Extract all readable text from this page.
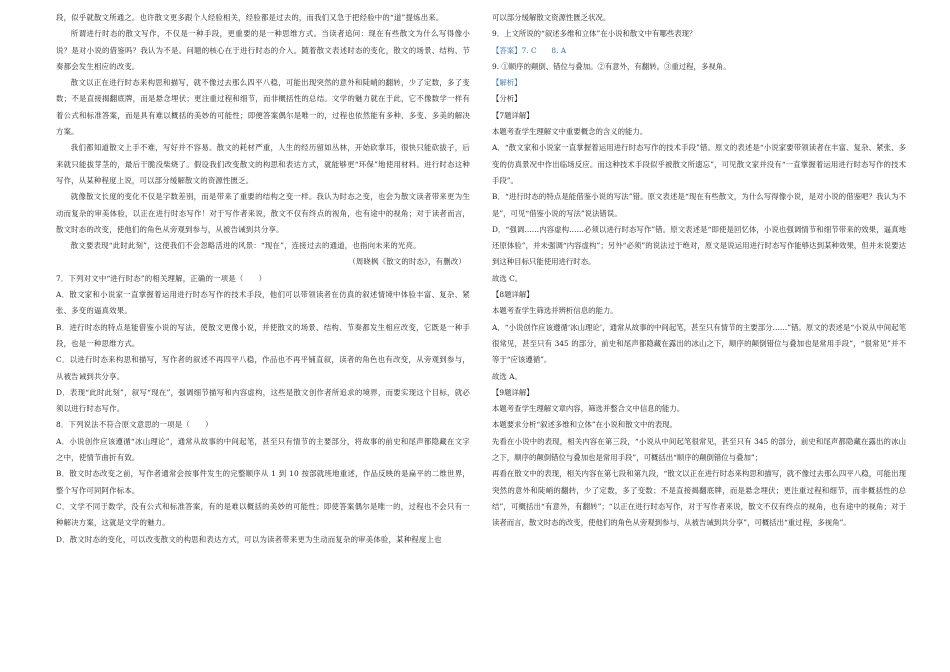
段，似乎就散文所通之。也许散文更多跟个人经验相关，经验都是过去的，而我们又急于把经验中的“道”提炼出来。

所谓进行时态的散文写作，不仅是一种手段，更重要的是一种思维方式。当读者追问：现在有些散文为什么写得像小说？是对小说的借鉴吗？我认为不是。问题的核心在于进行时态的介入。随着散文表述时态的变化，散文的场景、结构、节奏都会发生相应的改变。

散文以正在进行时态来构思和描写，就不像过去那么四平八稳，可能出现突然的意外和陡峭的翻转，少了定数，多了变数；不是直接揭翻底牌，而是悬念埋伏；更注重过程和细节，而非概括性的总结。文学的魅力就在于此，它不像数学一样有着公式和标准答案，而是具有难以概括的美妙的可能性；即便答案偶尔是唯一的，过程也依然能有多种、多变、多美的解决方案。

我们都知道散文上手不难，写好并不容易。散文的耗材严重，人生的经历留如丛林，开始砍掌耳，很快只能砍拔子，后来就只能拔芽茎的，最后干脆没柴烧了。假设我们改变散文的构思和表达方式，就能够更“环保”地使用材料。进行时态这种写作，从某种程度上说，可以部分缓解散文的资源性匮乏。

就像散文长度的变化不仅是字数差别，而是带来了重要的结构之变一样。我认为时态之变，也会为散文读者带来更为生动而复杂的审美体验，以正在进行时态写作！对于写作者来说，散文不仅有终点的视角，也有途中的视角；对于读者而言，散文时态的改变，使他们的角色从旁观到参与，从被告诫到共分享。

散文要表现“此时此刻”，这使我们不会忽略活进的风景：“现在”，连接过去的通道，也指向未来的光亮。

（周晓枫《散文的时态》，有删改）

7．下列对文中“进行时态”的相关理解，正确的一项是（　　）

A．散文家和小说家一直掌握着运用进行时态写作的技术手段，他们可以带领读者在仿真的叙述情境中体验丰富、复杂、紧张、多变的逼真效果。

B．进行时态的特点是能借鉴小说的写法，使散文更像小说，并使散文的场景、结构、节奏都发生相应改变，它既是一种手段，也是一种思维方式。

C．以进行时态来构思和描写，写作者的叙述不再四平八稳，作品也不再平铺直叙，读者的角色也有改变，从旁观到参与，从被告诫到共分享。

D．表现“此时此刻”，叙写“现在”，强调细节描写和内容虚构，这些是散文创作者所追求的境界，而要实现这个目标，就必须以进行时态写作。

8．下列说法不符合原文意思的一项是（　　）

A．小说创作应该遵循“冰山理论”，通常从故事的中间起笔，甚至只有情节的主要部分，将故事的前史和尾声都隐藏在文字之中，使情节曲折有致。

B．散文时态改变之前，写作者通常会按事件发生的完整顺序从 1 到 10 按部就班地重述，作品反映的是扁平的二维世界，整个写作可同阿作标本。

C．文学不同于数学，没有公式和标准答案，有的是难以概括的美妙的可能性；即使答案偶尔是唯一的，过程也不会只有一种解决方案，这就是文学的魅力。

D．散文时态的变化，可以改变散文的构思和表达方式，可以为读者带来更为生动而复杂的审美体验，某种程度上也

可以部分缓解散文资源性匮乏状况。

9．上文所说的“叙述多维和立体”在小说和散文中有哪些表现？

【答案】7. C　　8. A

9. ①顺序的颠倒、错位与叠加。②有意外，有翻转。③重过程，多视角。

【解析】

【分析】

【7题详解】

本题考查学生理解文中重要概念的含义的能力。

A．“散文家和小说家一直掌握着运用进行时态写作的技术手段”错。原文的表述是“小说家要带领读者在丰富、复杂、紧张、多变的仿真景况中作出临场反应。而这种技术手段似乎被散文所遗忘”，可见散文家并没有“一直掌握着运用进行时态写作的技术手段”。

B．“进行时态的特点是能借鉴小说的写法”错。原文表述是“现在有些散文，为什么写得像小说，是对小说的借鉴吧？我认为不是”，可见“借鉴小说的写法”说法错误。

D．“强调……内容虚构……必须以进行时态写作”错。原文表述是“即使是回忆体，小说也强调情节和细节带来的效果，逼真地还原体验”，并未强调“内容虚构”；另外“必须”的说法过于绝对，原文是说运用进行时态写作能够达到某种效果，但并未说要达到这种目标只能使用进行时态。

故选 C。

【8题详解】

本题考查学生筛选并辨析信息的能力。

A．“小说创作应该遵循‘冰山理论’，通常从故事的中间起笔，甚至只有情节的主要部分……”错。原文的表述是“小说从中间起笔很常见，甚至只有 345 的部分，前史和尾声都隐藏在露出的冰山之下，顺序的颠倒错位与叠加也是常用手段”，“很常见”并不等于“应该遵循”。

故选 A。

【9题详解】

本题考查学生理解文章内容，筛选并整合文中信息的能力。

本题要求分析“叙述多维和立体”在小说和散文中的表现。

先看在小说中的表现，相关内容在第三段，“小说从中间起笔很常见，甚至只有 345 的部分，前史和尾声都隐藏在露出的冰山之下，顺序的颠倒错位与叠加也是常用手段”，可概括出“顺序的颠倒错位与叠加”；

再看在散文中的表现，相关内容在第七段和第九段，“散文以正在进行时态来构思和描写，就不像过去那么四平八稳，可能出现突然的意外和陡峭的翻转，少了定数，多了变数；不是直接揭翻底牌，而是悬念埋伏；更注重过程和细节，而非概括性的总结”，可概括出“有意外，有翻转”；“以正在进行时态写作，对于写作者来说，散文不仅有终点的视角，也有途中的视角；对于读者而言，散文时态的改变，使他们的角色从旁观到参与，从被告诫到共分享”，可概括出“重过程，多视角”。
